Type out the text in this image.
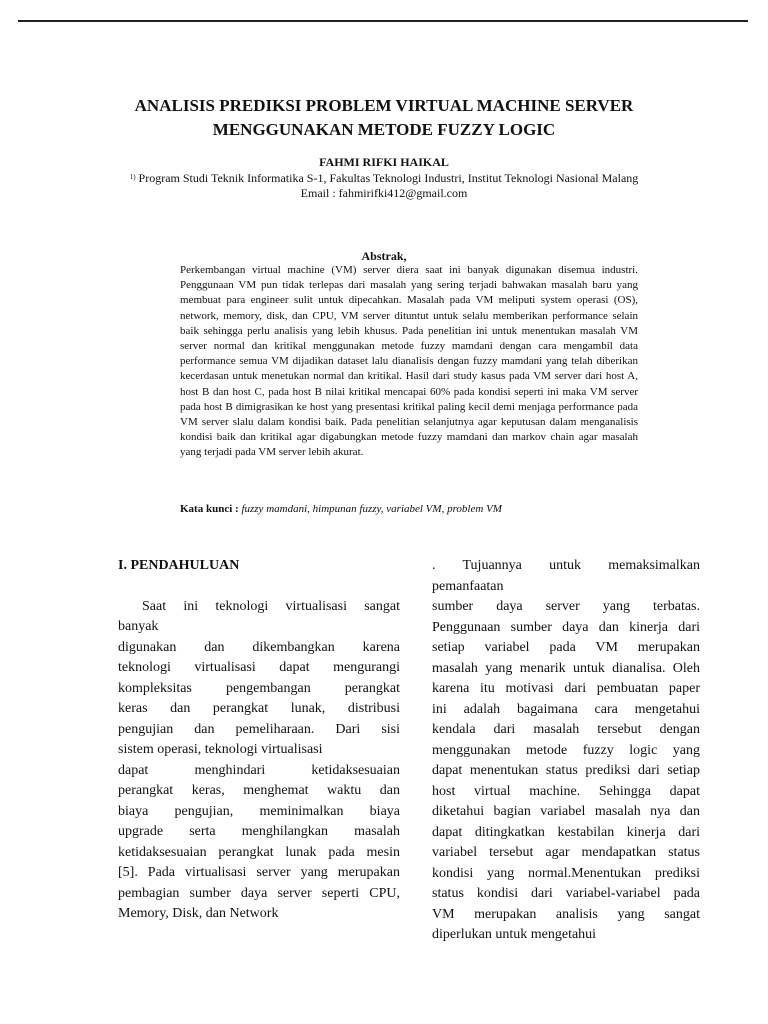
ANALISIS PREDIKSI PROBLEM VIRTUAL MACHINE SERVER
MENGGUNAKAN METODE FUZZY LOGIC
FAHMI RIFKI HAIKAL
$^{1)}$ Program Studi Teknik Informatika S-1, Fakultas Teknologi Industri, Institut Teknologi Nasional Malang
Email : fahmirifki412@gmail.com
Abstrak,
Perkembangan virtual machine (VM) server diera saat ini banyak digunakan disemua industri. Penggunaan VM pun tidak terlepas dari masalah yang sering terjadi bahwakan masalah baru yang membuat para engineer sulit untuk dipecahkan. Masalah pada VM meliputi system operasi (OS), network, memory, disk, dan CPU, VM server dituntut untuk selalu memberikan performance selain baik sehingga perlu analisis yang lebih khusus. Pada penelitian ini untuk menentukan masalah VM server normal dan kritikal menggunakan metode fuzzy mamdani dengan cara mengambil data performance semua VM dijadikan dataset lalu dianalisis dengan fuzzy mamdani yang telah diberikan kecerdasan untuk menetukan normal dan kritikal. Hasil dari study kasus pada VM server dari host A, host B dan host C, pada host B nilai kritikal mencapai 60% pada kondisi seperti ini maka VM server pada host B dimigrasikan ke host yang presentasi kritikal paling kecil demi menjaga performance pada VM server slalu dalam kondisi baik. Pada penelitian selanjutnya agar keputusan dalam menganalisis kondisi baik dan kritikal agar digabungkan metode fuzzy mamdani dan markov chain agar masalah yang terjadi pada VM server lebih akurat.
Kata kunci : fuzzy mamdani, himpunan fuzzy, variabel VM, problem VM
I. PENDAHULUAN
Saat ini teknologi virtualisasi sangat
banyak
digunakan dan dikembangkan karena
teknologi virtualisasi dapat mengurangi
kompleksitas pengembangan perangkat
keras dan perangkat lunak, distribusi
pengujian dan pemeliharaan. Dari sisi
sistem operasi, teknologi virtualisasi
dapat menghindari ketidaksesuaian
perangkat keras, menghemat waktu dan
biaya pengujian, meminimalkan biaya
upgrade serta menghilangkan masalah
ketidaksesuaian perangkat lunak pada mesin
[5]. Pada virtualisasi server yang merupakan
pembagian sumber daya server seperti CPU,
Memory, Disk, dan Network
. Tujuannya untuk memaksimalkan
pemanfaatan
sumber daya server yang terbatas.
Penggunaan sumber daya dan kinerja dari
setiap variabel pada VM merupakan
masalah yang menarik untuk dianalisa. Oleh
karena itu motivasi dari pembuatan paper
ini adalah bagaimana cara mengetahui
kendala dari masalah tersebut dengan
menggunakan metode fuzzy logic yang
dapat menentukan status prediksi dari setiap
host virtual machine. Sehingga dapat
diketahui bagian variabel masalah nya dan
dapat ditingkatkan kestabilan kinerja dari
variabel tersebut agar mendapatkan status
kondisi yang normal.Menentukan prediksi
status kondisi dari variabel-variabel pada
VM merupakan analisis yang sangat
diperlukan untuk mengetahui
